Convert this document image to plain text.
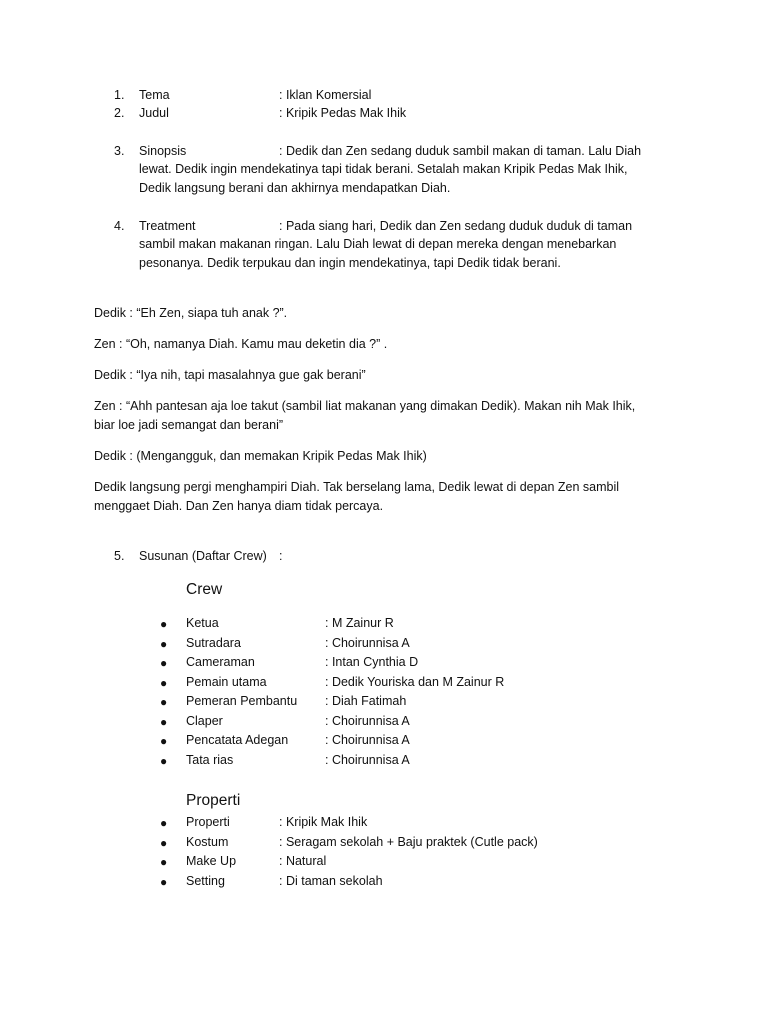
1.	Tema	: Iklan Komersial
2.	Judul	: Kripik Pedas Mak Ihik
3.	Sinopsis	: Dedik dan Zen sedang duduk sambil makan di taman. Lalu Diah
lewat. Dedik ingin mendekatinya tapi tidak berani. Setalah makan Kripik Pedas Mak Ihik,
Dedik langsung berani dan akhirnya mendapatkan Diah.
4.	Treatment	: Pada siang hari, Dedik dan Zen sedang duduk duduk di taman
sambil makan makanan ringan. Lalu Diah lewat di depan mereka dengan menebarkan
pesonanya. Dedik terpukau dan ingin mendekatinya, tapi Dedik tidak berani.
Dedik : “Eh Zen, siapa tuh anak ?”.
Zen : “Oh, namanya Diah. Kamu mau deketin dia ?” .
Dedik : “Iya nih, tapi masalahnya gue gak berani”
Zen : “Ahh pantesan aja loe takut (sambil liat makanan yang dimakan Dedik). Makan nih Mak Ihik,
biar loe jadi semangat dan berani”
Dedik : (Mengangguk, dan memakan Kripik Pedas Mak Ihik)
Dedik langsung pergi menghampiri Diah. Tak berselang lama, Dedik lewat di depan Zen sambil
menggaet Diah. Dan Zen hanya diam tidak percaya.
5.	Susunan (Daftar Crew) :
Crew
● Ketua	: M Zainur R
● Sutradara	: Choirunnisa A
● Cameraman	: Intan Cynthia D
● Pemain utama	: Dedik Youriska dan M Zainur R
● Pemeran Pembantu : Diah Fatimah
● Claper	: Choirunnisa A
● Pencatata Adegan	: Choirunnisa A
● Tata rias	: Choirunnisa A
Properti
● Properti	: Kripik Mak Ihik
● Kostum	: Seragam sekolah + Baju praktek (Cutle pack)
● Make Up	: Natural
● Setting	: Di taman sekolah
